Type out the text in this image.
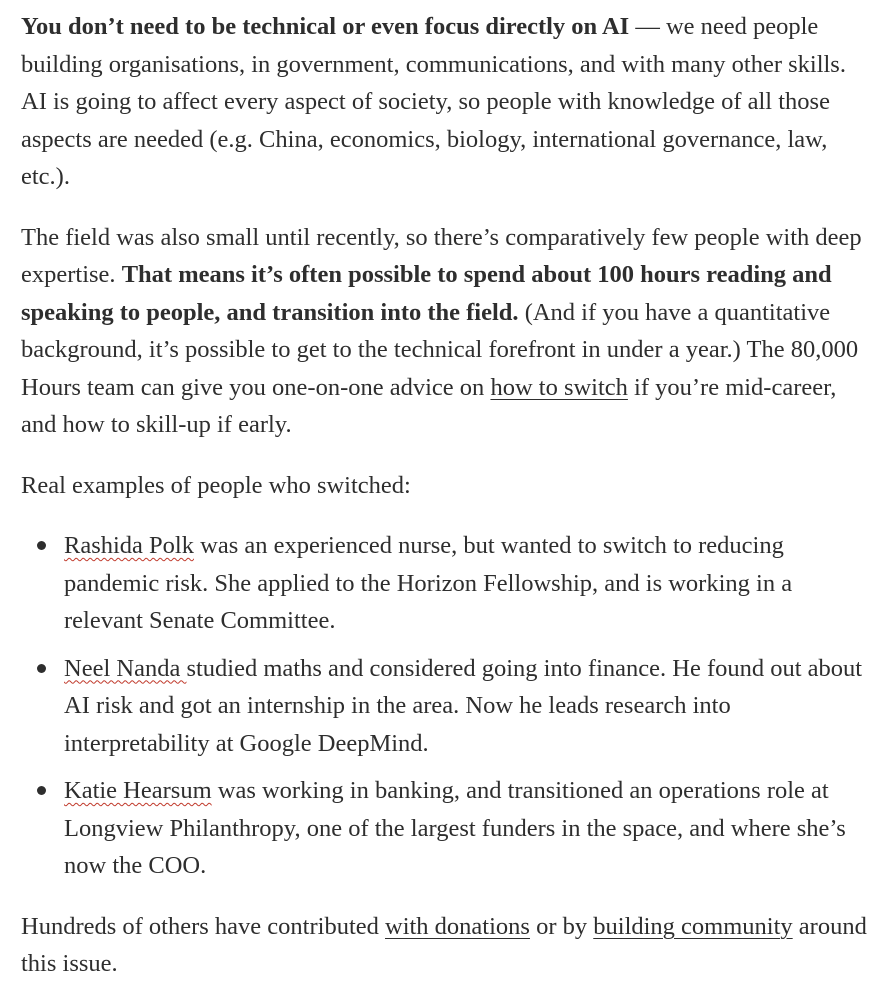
You don’t need to be technical or even focus directly on AI — we need people building organisations, in government, communications, and with many other skills. AI is going to affect every aspect of society, so people with knowledge of all those aspects are needed (e.g. China, economics, biology, international governance, law, etc.).

The field was also small until recently, so there’s comparatively few people with deep expertise. That means it’s often possible to spend about 100 hours reading and speaking to people, and transition into the field. (And if you have a quantitative background, it’s possible to get to the technical forefront in under a year.) The 80,000 Hours team can give you one-on-one advice on how to switch if you’re mid-career, and how to skill-up if early.

Real examples of people who switched:

Rashida Polk was an experienced nurse, but wanted to switch to reducing pandemic risk. She applied to the Horizon Fellowship, and is working in a relevant Senate Committee.
Neel Nanda studied maths and considered going into finance. He found out about AI risk and got an internship in the area. Now he leads research into interpretability at Google DeepMind.
Katie Hearsum was working in banking, and transitioned an operations role at Longview Philanthropy, one of the largest funders in the space, and where she’s now the COO.

Hundreds of others have contributed with donations or by building community around this issue.
